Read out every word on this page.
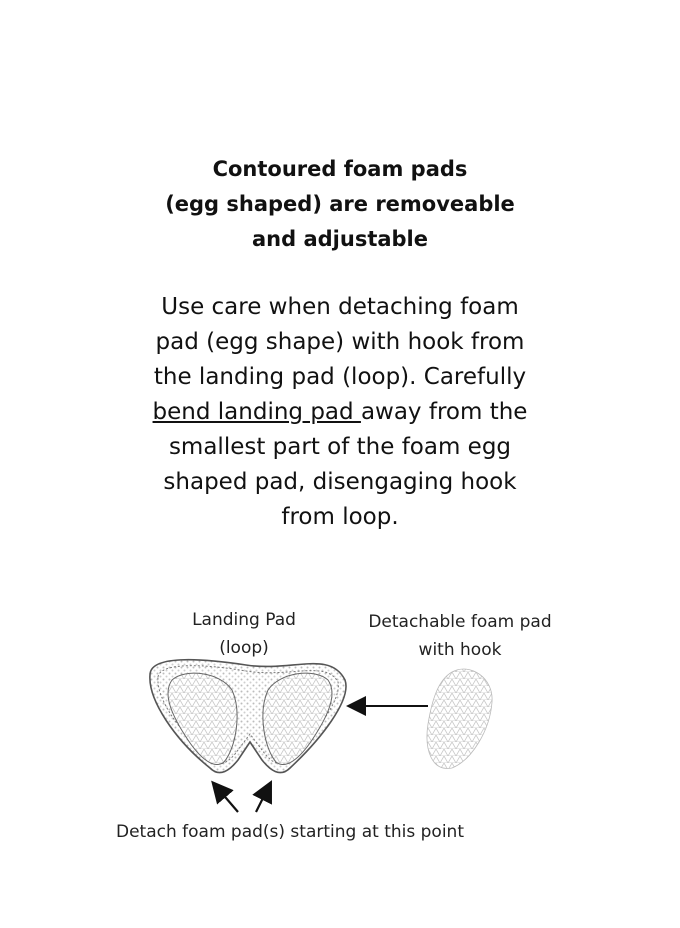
Contoured foam pads
(egg shaped) are removeable
and adjustable
Use care when detaching foam
pad (egg shape) with hook from
the landing pad (loop). Carefully
bend landing pad away from the
smallest part of the foam egg
shaped pad, disengaging hook
from loop.
Landing Pad
(loop)
Detachable foam pad
with hook
Detach foam pad(s) starting at this point
